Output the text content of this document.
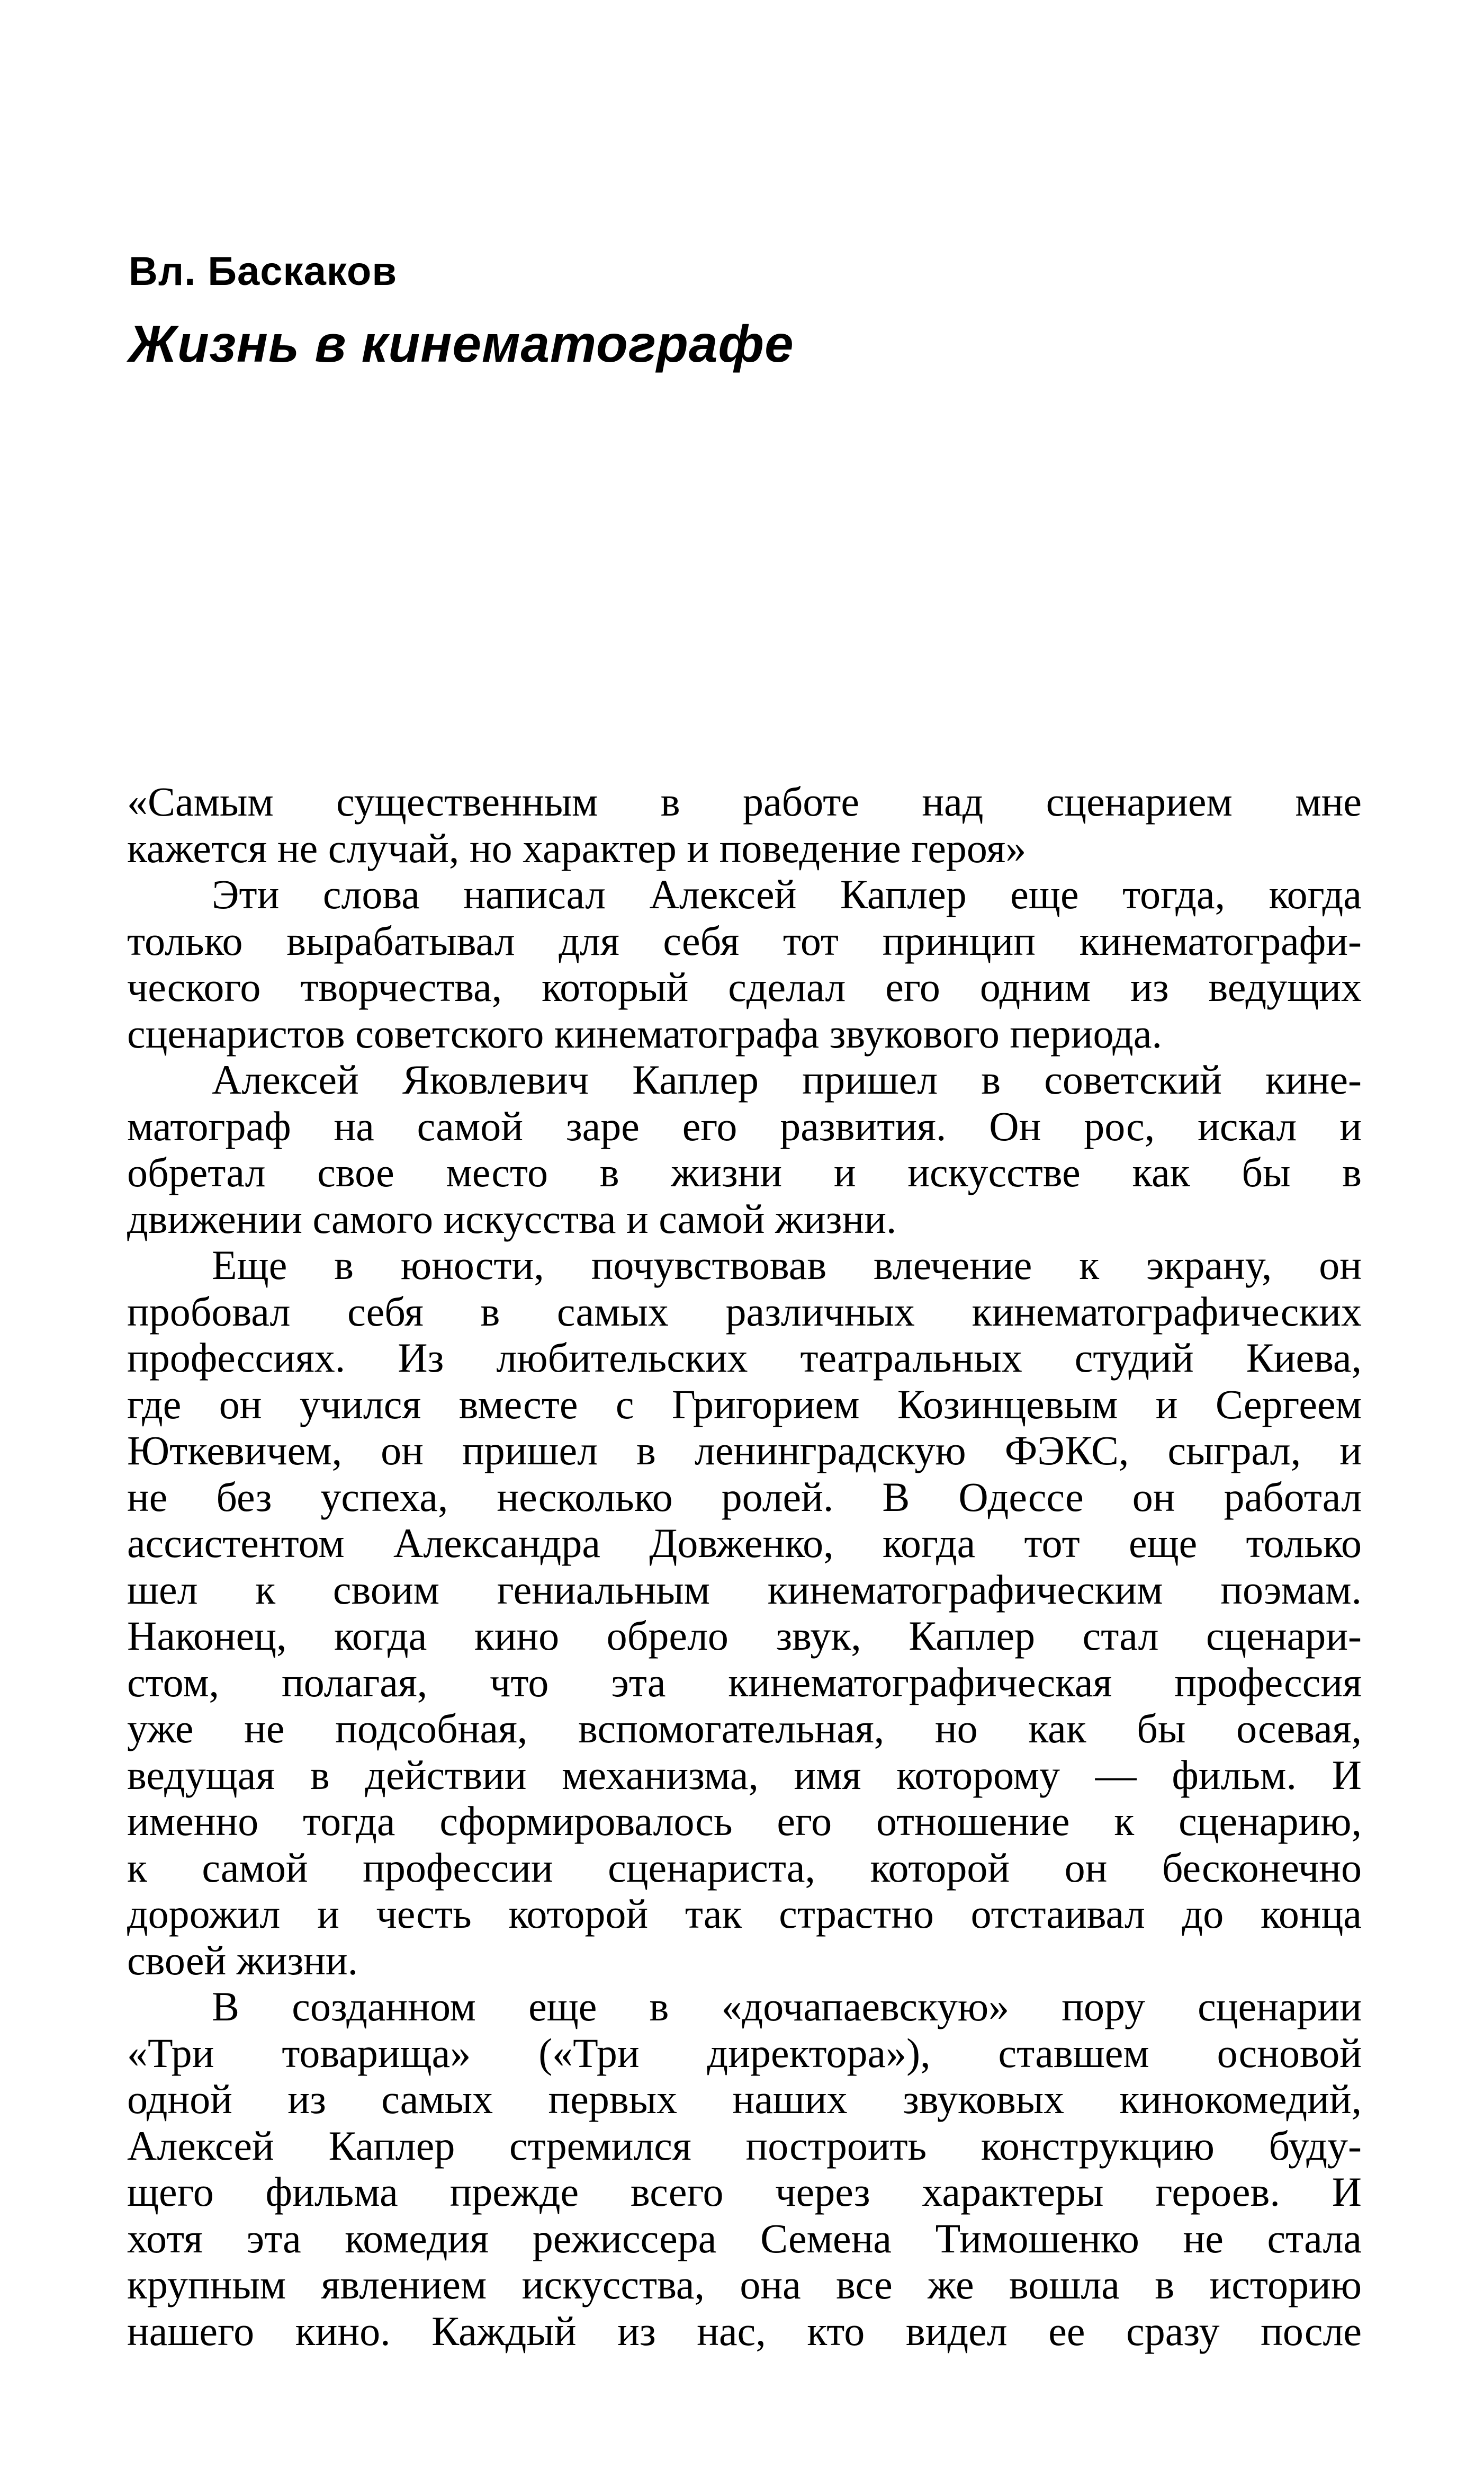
Вл. Баскаков
Жизнь в кинематографе

«Самым существенным в работе над сценарием мне
кажется не случай, но характер и поведение героя»

Эти слова написал Алексей Каплер еще тогда, когда
только вырабатывал для себя тот принцип кинематографи-
ческого творчества, который сделал его одним из ведущих
сценаристов советского кинематографа звукового периода.

Алексей Яковлевич Каплер пришел в советский кине-
матограф на самой заре его развития. Он рос, искал и
обретал свое место в жизни и искусстве как бы в
движении самого искусства и самой жизни.

Еще в юности, почувствовав влечение к экрану, он
пробовал себя в самых различных кинематографических
профессиях. Из любительских театральных студий Киева,
где он учился вместе с Григорием Козинцевым и Сергеем
Юткевичем, он пришел в ленинградскую ФЭКС, сыграл, и
не без успеха, несколько ролей. В Одессе он работал
ассистентом Александра Довженко, когда тот еще только
шел к своим гениальным кинематографическим поэмам.
Наконец, когда кино обрело звук, Каплер стал сценари-
стом, полагая, что эта кинематографическая профессия
уже не подсобная, вспомогательная, но как бы осевая,
ведущая в действии механизма, имя которому — фильм. И
именно тогда сформировалось его отношение к сценарию,
к самой профессии сценариста, которой он бесконечно
дорожил и честь которой так страстно отстаивал до конца
своей жизни.

В созданном еще в «дочапаевскую» пору сценарии
«Три товарища» («Три директора»), ставшем основой
одной из самых первых наших звуковых кинокомедий,
Алексей Каплер стремился построить конструкцию буду-
щего фильма прежде всего через характеры героев. И
хотя эта комедия режиссера Семена Тимошенко не стала
крупным явлением искусства, она все же вошла в историю
нашего кино. Каждый из нас, кто видел ее сразу после
